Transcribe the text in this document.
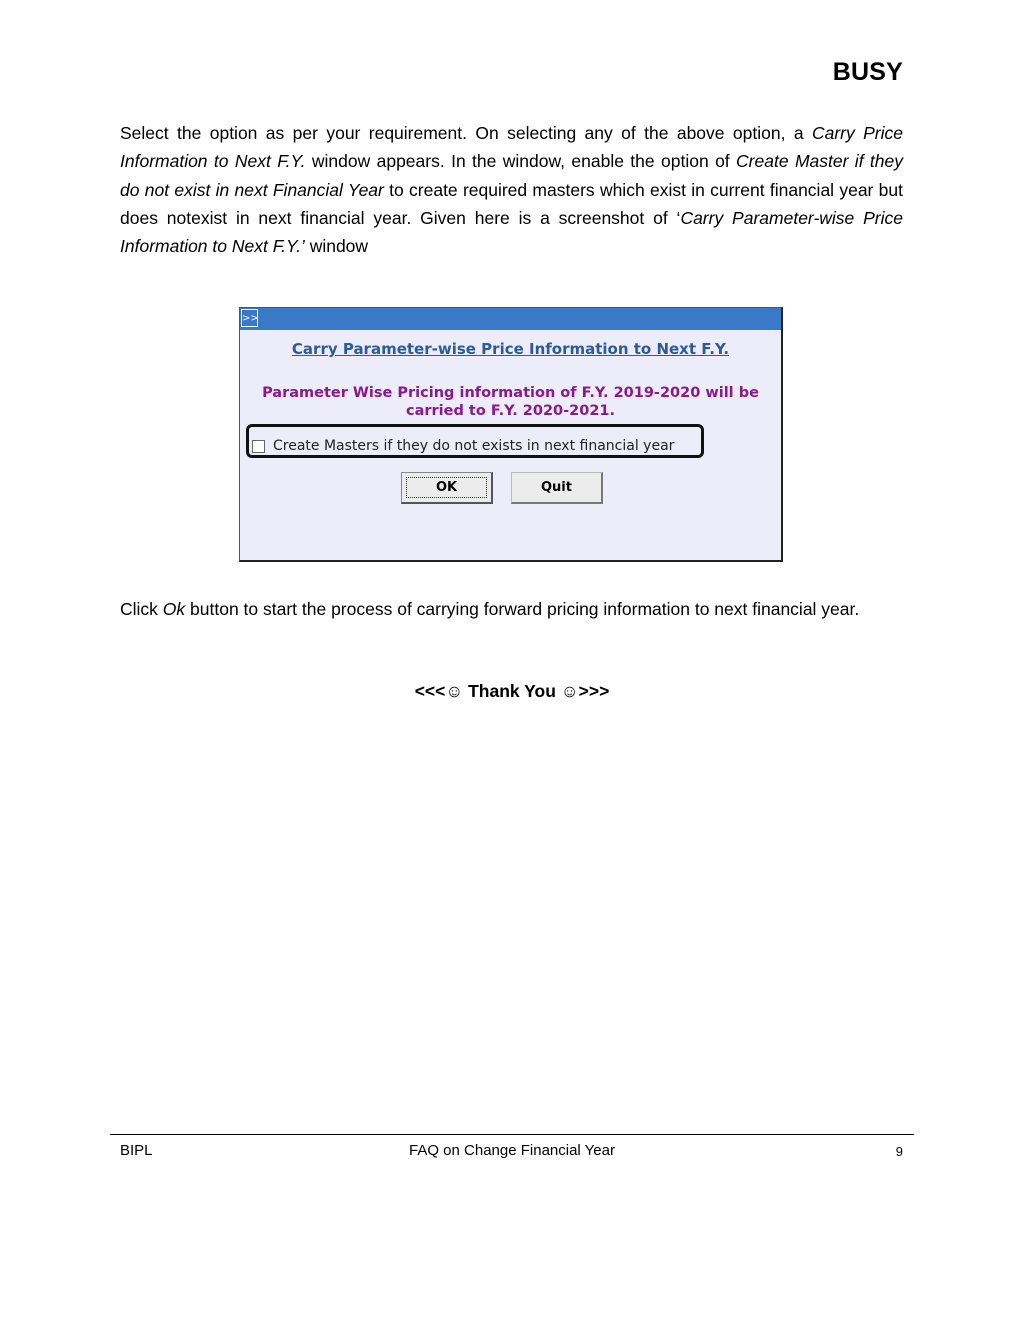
BUSY

Select the option as per your requirement. On selecting any of the above option, a Carry Price Information to Next F.Y. window appears. In the window, enable the option of Create Master if they do not exist in next Financial Year to create required masters which exist in current financial year but does notexist in next financial year. Given here is a screenshot of ‘Carry Parameter-wise Price Information to Next F.Y.’ window

>>
Carry Parameter-wise Price Information to Next F.Y.
Parameter Wise Pricing information of F.Y. 2019-2020 will be carried to F.Y. 2020-2021.
Create Masters if they do not exists in next financial year
OK	Quit

Click Ok button to start the process of carrying forward pricing information to next financial year.

<<<☺ Thank You ☺>>>
BIPL	FAQ on Change Financial Year	9
